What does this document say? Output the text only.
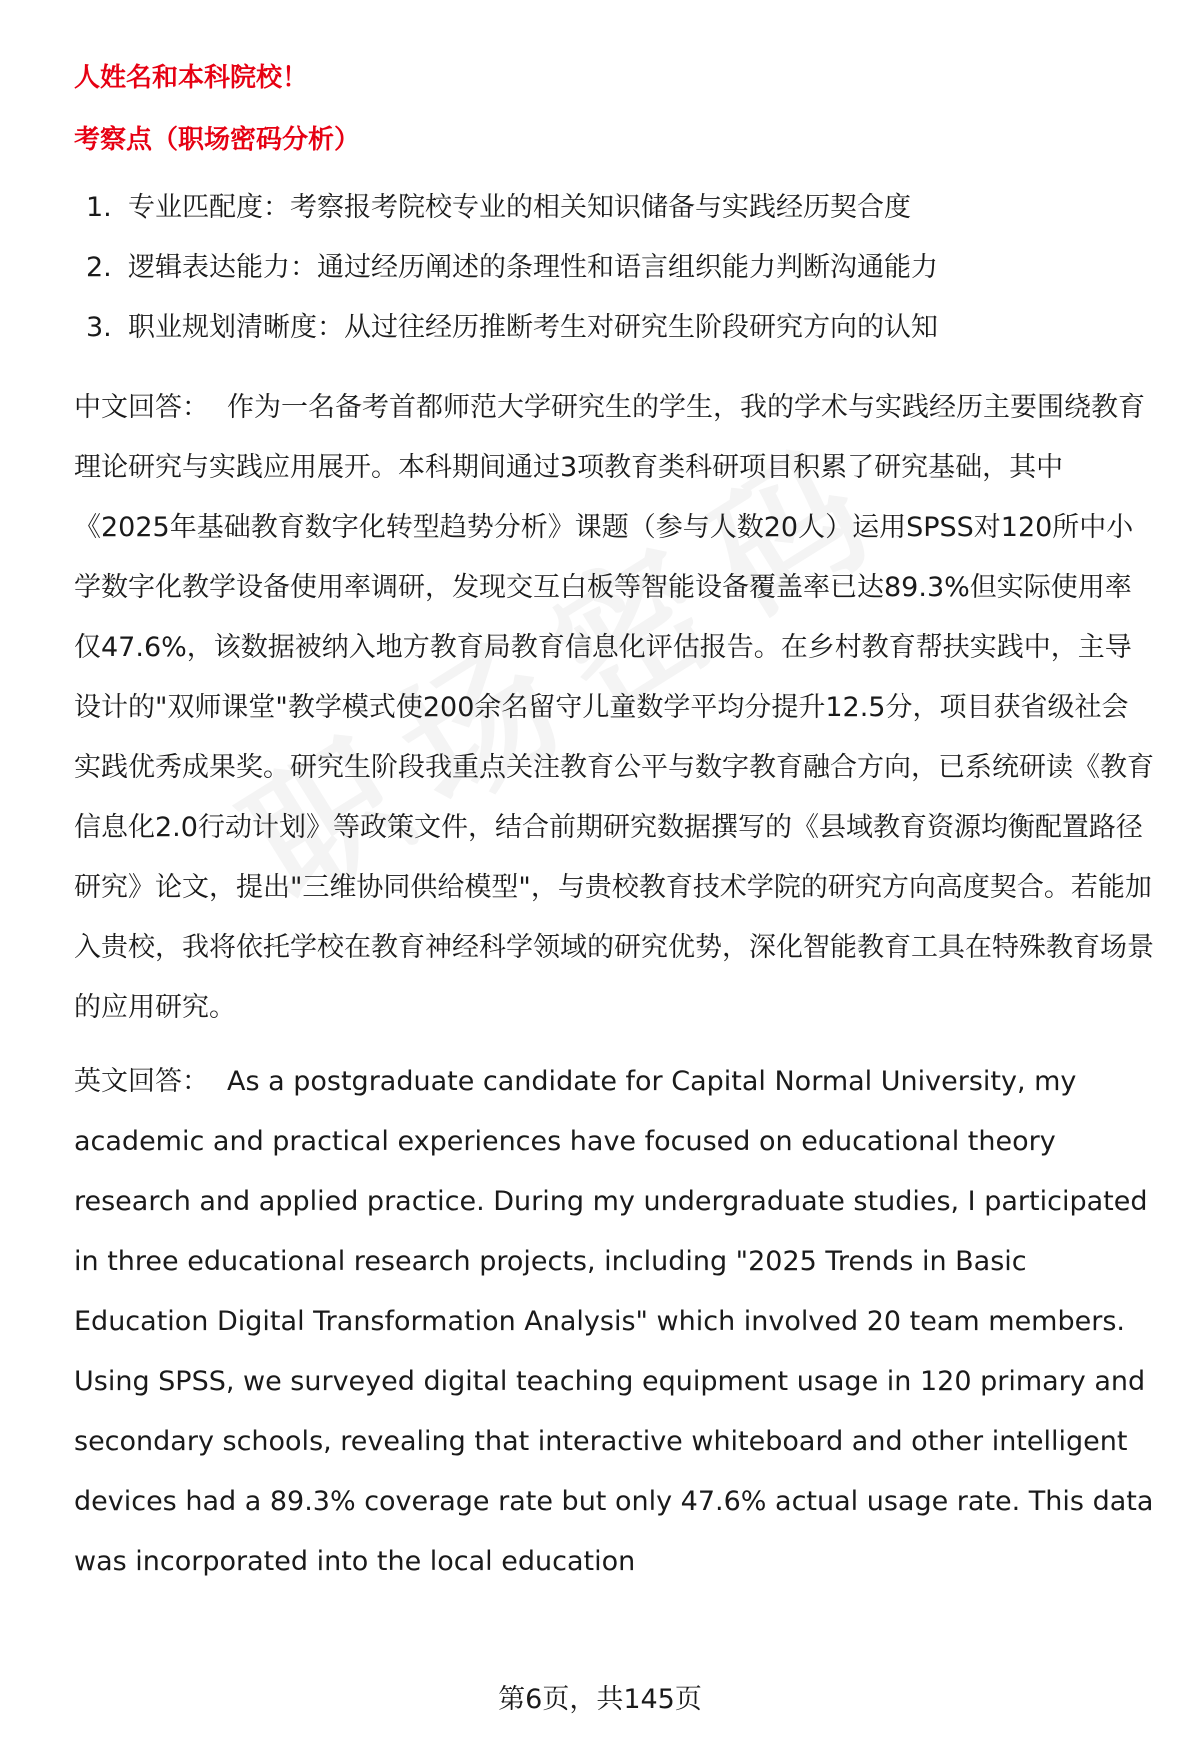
人姓名和本科院校！

考察点（职场密码分析）

1. 专业匹配度：考察报考院校专业的相关知识储备与实践经历契合度
2. 逻辑表达能力：通过经历阐述的条理性和语言组织能力判断沟通能力
3. 职业规划清晰度：从过往经历推断考生对研究生阶段研究方向的认知

中文回答： 作为一名备考首都师范大学研究生的学生，我的学术与实践经历主要围绕教育理论研究与实践应用展开。本科期间通过3项教育类科研项目积累了研究基础，其中《2025年基础教育数字化转型趋势分析》课题（参与人数20人）运用SPSS对120所中小学数字化教学设备使用率调研，发现交互白板等智能设备覆盖率已达89.3%但实际使用率仅47.6%，该数据被纳入地方教育局教育信息化评估报告。在乡村教育帮扶实践中，主导设计的"双师课堂"教学模式使200余名留守儿童数学平均分提升12.5分，项目获省级社会实践优秀成果奖。研究生阶段我重点关注教育公平与数字教育融合方向，已系统研读《教育信息化2.0行动计划》等政策文件，结合前期研究数据撰写的《县域教育资源均衡配置路径研究》论文，提出"三维协同供给模型"，与贵校教育技术学院的研究方向高度契合。若能加入贵校，我将依托学校在教育神经科学领域的研究优势，深化智能教育工具在特殊教育场景的应用研究。

英文回答： As a postgraduate candidate for Capital Normal University, my academic and practical experiences have focused on educational theory research and applied practice. During my undergraduate studies, I participated in three educational research projects, including "2025 Trends in Basic Education Digital Transformation Analysis" which involved 20 team members. Using SPSS, we surveyed digital teaching equipment usage in 120 primary and secondary schools, revealing that interactive whiteboard and other intelligent devices had a 89.3% coverage rate but only 47.6% actual usage rate. This data was incorporated into the local education

第6页，共145页
